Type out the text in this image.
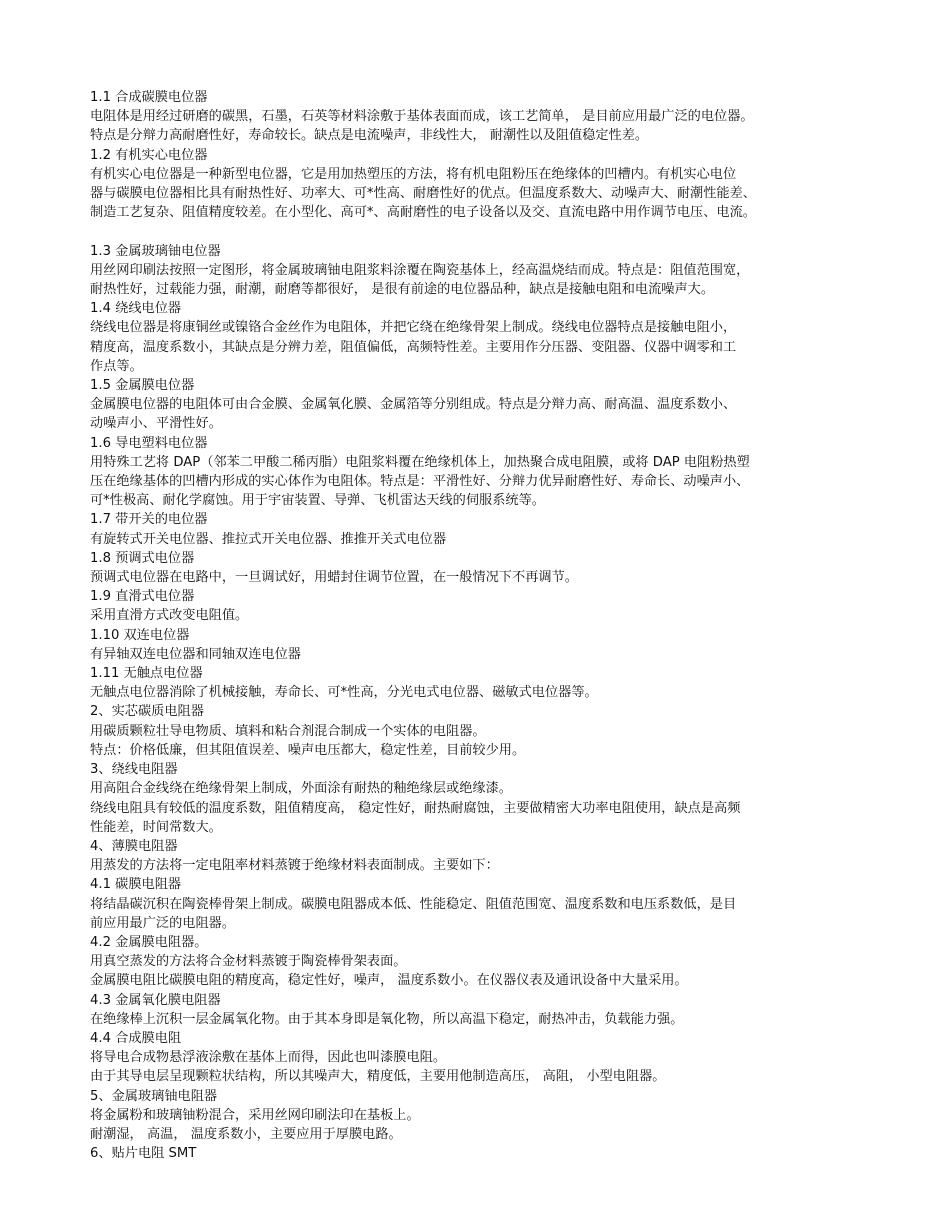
1.1 合成碳膜电位器
电阻体是用经过研磨的碳黑，石墨，石英等材料涂敷于基体表面而成，该工艺简单， 是目前应用最广泛的电位器。
特点是分辩力高耐磨性好，寿命较长。缺点是电流噪声，非线性大， 耐潮性以及阻值稳定性差。
1.2 有机实心电位器
有机实心电位器是一种新型电位器，它是用加热塑压的方法，将有机电阻粉压在绝缘体的凹槽内。有机实心电位
器与碳膜电位器相比具有耐热性好、功率大、可*性高、耐磨性好的优点。但温度系数大、动噪声大、耐潮性能差、
制造工艺复杂、阻值精度较差。在小型化、高可*、高耐磨性的电子设备以及交、直流电路中用作调节电压、电流。
1.3 金属玻璃铀电位器
用丝网印刷法按照一定图形，将金属玻璃铀电阻浆料涂覆在陶瓷基体上，经高温烧结而成。特点是：阻值范围宽，
耐热性好，过载能力强，耐潮，耐磨等都很好， 是很有前途的电位器品种，缺点是接触电阻和电流噪声大。
1.4 绕线电位器
绕线电位器是将康铜丝或镍铬合金丝作为电阻体，并把它绕在绝缘骨架上制成。绕线电位器特点是接触电阻小，
精度高，温度系数小，其缺点是分辨力差，阻值偏低，高频特性差。主要用作分压器、变阻器、仪器中调零和工
作点等。
1.5 金属膜电位器
金属膜电位器的电阻体可由合金膜、金属氧化膜、金属箔等分别组成。特点是分辩力高、耐高温、温度系数小、
动噪声小、平滑性好。
1.6 导电塑料电位器
用特殊工艺将 DAP（邻苯二甲酸二稀丙脂）电阻浆料覆在绝缘机体上，加热聚合成电阻膜，或将 DAP 电阻粉热塑
压在绝缘基体的凹槽内形成的实心体作为电阻体。特点是：平滑性好、分辩力优异耐磨性好、寿命长、动噪声小、
可*性极高、耐化学腐蚀。用于宇宙装置、导弹、飞机雷达天线的伺服系统等。
1.7 带开关的电位器
有旋转式开关电位器、推拉式开关电位器、推推开关式电位器
1.8 预调式电位器
预调式电位器在电路中，一旦调试好，用蜡封住调节位置，在一般情况下不再调节。
1.9 直滑式电位器
采用直滑方式改变电阻值。
1.10 双连电位器
有异轴双连电位器和同轴双连电位器
1.11 无触点电位器
无触点电位器消除了机械接触，寿命长、可*性高，分光电式电位器、磁敏式电位器等。
2、实芯碳质电阻器
用碳质颗粒壮导电物质、填料和粘合剂混合制成一个实体的电阻器。
特点：价格低廉，但其阻值误差、噪声电压都大，稳定性差，目前较少用。
3、绕线电阻器
用高阻合金线绕在绝缘骨架上制成，外面涂有耐热的釉绝缘层或绝缘漆。
绕线电阻具有较低的温度系数，阻值精度高， 稳定性好，耐热耐腐蚀，主要做精密大功率电阻使用，缺点是高频
性能差，时间常数大。
4、薄膜电阻器
用蒸发的方法将一定电阻率材料蒸镀于绝缘材料表面制成。主要如下：
4.1 碳膜电阻器
将结晶碳沉积在陶瓷棒骨架上制成。碳膜电阻器成本低、性能稳定、阻值范围宽、温度系数和电压系数低，是目
前应用最广泛的电阻器。
4.2 金属膜电阻器。
用真空蒸发的方法将合金材料蒸镀于陶瓷棒骨架表面。
金属膜电阻比碳膜电阻的精度高，稳定性好，噪声， 温度系数小。在仪器仪表及通讯设备中大量采用。
4.3 金属氧化膜电阻器
在绝缘棒上沉积一层金属氧化物。由于其本身即是氧化物，所以高温下稳定，耐热冲击，负载能力强。
4.4 合成膜电阻
将导电合成物悬浮液涂敷在基体上而得，因此也叫漆膜电阻。
由于其导电层呈现颗粒状结构，所以其噪声大，精度低，主要用他制造高压， 高阻， 小型电阻器。
5、金属玻璃铀电阻器
将金属粉和玻璃铀粉混合，采用丝网印刷法印在基板上。
耐潮湿， 高温， 温度系数小，主要应用于厚膜电路。
6、贴片电阻 SMT
